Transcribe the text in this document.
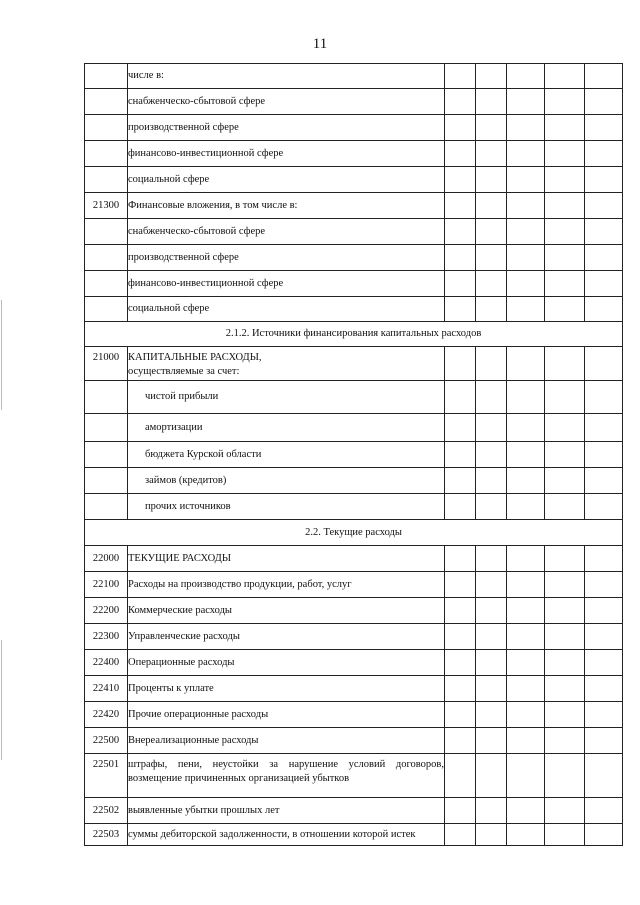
11
	числе в:					
	снабженческо-сбытовой сфере					
	производственной сфере					
	финансово-инвестиционной сфере					
	социальной сфере					
21300	Финансовые вложения, в том числе в:					
	снабженческо-сбытовой сфере					
	производственной сфере					
	финансово-инвестиционной сфере					
	социальной сфере					
2.1.2. Источники финансирования капитальных расходов						
21000	КАПИТАЛЬНЫЕ РАСХОДЫ,
осуществляемые за счет:					

	чистой прибыли					
	амортизации					
	бюджета Курской области					
	займов (кредитов)					
	прочих источников					
2.2. Текущие расходы						
22000	ТЕКУЩИЕ РАСХОДЫ					
22100	Расходы на производство продукции, работ, услуг					
22200	Коммерческие расходы					
22300	Управленческие расходы					
22400	Операционные расходы					
22410	Проценты к уплате					
22420	Прочие операционные расходы					
22500	Внереализационные расходы					
22501	штрафы, пени, неустойки за нарушение условий договоров, возмещение причиненных организацией убытков					
22502	выявленные убытки прошлых лет					
22503	суммы дебиторской задолженности, в отношении которой истек					
